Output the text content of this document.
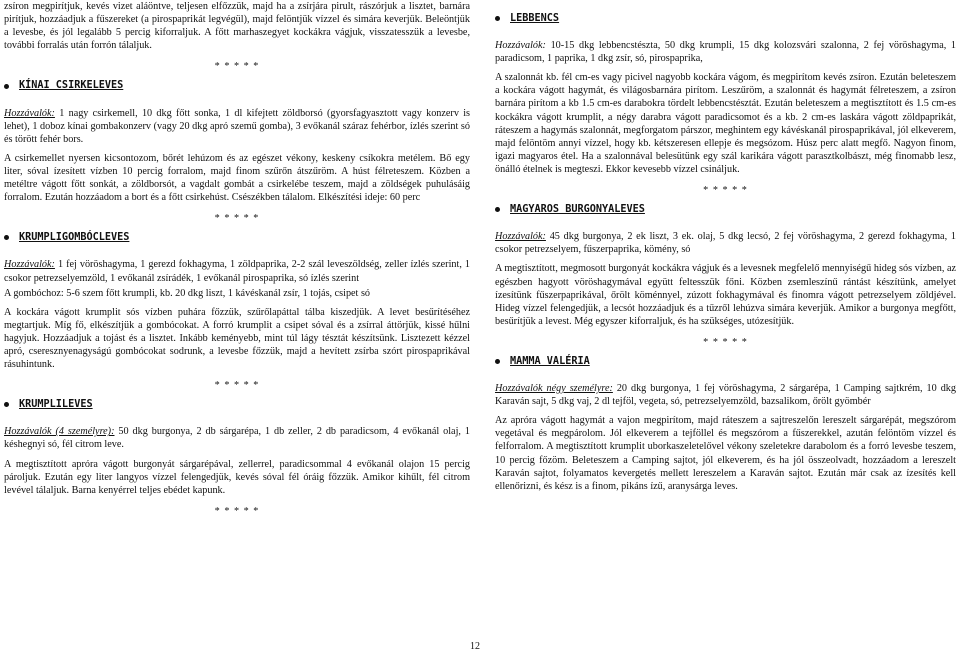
zsíron megpirítjuk, kevés vizet aláöntve, teljesen elfőzzük, majd ha a zsírjára pirult, rászórjuk a lisztet, barnára pirítjuk, hozzáadjuk a fűszereket (a pirospaprikát legvégül), majd felöntjük vízzel és simára keverjük. Beleöntjük a levesbe, és jól legalább 5 percig kiforraljuk. A főtt marhaszegyet kockákra vágjuk, visszatesszük a levesbe, további forralás után forrón tálaljuk.

* * * * *
KÍNAI CSIRKELEVES

Hozzávalók: 1 nagy csirkemell, 10 dkg főtt sonka, 1 dl kifejtett zöldborsó (gyorsfagyasztott vagy konzerv is lehet), 1 doboz kínai gombakonzerv (vagy 20 dkg apró szemű gomba), 3 evőkanál száraz fehérbor, ízlés szerint só és törött fehér bors.

A csirkemellet nyersen kicsontozom, bőrét lehúzom és az egészet vékony, keskeny csíkokra metélem. Bő egy liter, sóval ízesített vízben 10 percig forralom, majd finom szűrőn átszűröm. A húst félreteszem. Közben a metéltre vágott főtt sonkát, a zöldborsót, a vagdalt gombát a csirkelébe teszem, majd a zöldségek puhulásáig forralom. Ezután hozzáadom a bort és a főtt csirkehúst. Csészékben tálalom. Elkészítési ideje: 60 perc

* * * * *
KRUMPLIGOMBÓCLEVES

Hozzávalók: 1 fej vöröshagyma, 1 gerezd fokhagyma, 1 zöldpaprika, 2-2 szál leveszöldség, zeller ízlés szerint, 1 csokor petrezselyemzöld, 1 evőkanál zsírádék, 1 evőkanál pirospaprika, só ízlés szerint

A gombóchoz: 5-6 szem főtt krumpli, kb. 20 dkg liszt, 1 kávéskanál zsír, 1 tojás, csipet só

A kockára vágott krumplit sós vízben puhára főzzük, szűrőlapáttal tálba kiszedjük. A levet besűrítéséhez megtartjuk. Míg fő, elkészítjük a gombócokat. A forró krumplit a csipet sóval és a zsírral áttörjük, kissé hűlni hagyjuk. Hozzáadjuk a tojást és a lisztet. Inkább keményebb, mint túl lágy tésztát készítsünk. Lisztezett kézzel apró, cseresznyenagyságú gombócokat sodrunk, a levesbe főzzük, majd a hevített zsírba szórt pirospaprikával rásuhintunk.

* * * * *
KRUMPLILEVES

Hozzávalók (4 személyre): 50 dkg burgonya, 2 db sárgarépa, 1 db zeller, 2 db paradicsom, 4 evőkanál olaj, 1 késhegnyi só, fél citrom leve.

A megtisztított apróra vágott burgonyát sárgarépával, zellerrel, paradicsommal 4 evőkanál olajon 15 percig pároljuk. Ezután egy liter langyos vízzel felengedjük, kevés sóval fél óráig főzzük. Amikor kihűlt, fél citrom levével tálaljuk. Barna kenyérrel teljes ebédet kapunk.

* * * * *
LEBBENCS

Hozzávalók: 10-15 dkg lebbencstészta, 50 dkg krumpli, 15 dkg kolozsvári szalonna, 2 fej vöröshagyma, 1 paradicsom, 1 paprika, 1 dkg zsír, só, pirospaprika,

A szalonnát kb. fél cm-es vagy picivel nagyobb kockára vágom, és megpirítom kevés zsíron. Ezután beleteszem a kockára vágott hagymát, és világosbarnára pirítom. Leszűröm, a szalonnát és hagymát félreteszem, a zsíron barnára pirítom a kb 1.5 cm-es darabokra tördelt lebbencstésztát. Ezután beleteszem a megtisztított és 1.5 cm-es kockákra vágott krumplit, a négy darabra vágott paradicsomot és a kb. 2 cm-es laskára vágott zöldpaprikát, ráteszem a hagymás szalonnát, megforgatom párszor, meghintem egy kávéskanál pirospaprikával, jól elkeverem, majd felöntöm annyi vízzel, hogy kb. kétszeresen ellepje és megsózom. Húsz perc alatt megfő. Nagyon finom, igazi magyaros étel. Ha a szalonnával belesütünk egy szál karikára vágott parasztkolbászt, még finomabb lesz, önálló ételnek is megteszi. Ekkor kevesebb vízzel csináljuk.

* * * * *
MAGYAROS BURGONYALEVES

Hozzávalók: 45 dkg burgonya, 2 ek liszt, 3 ek. olaj, 5 dkg lecsó, 2 fej vöröshagyma, 2 gerezd fokhagyma, 1 csokor petrezselyem, fűszerpaprika, kömény, só

A megtisztított, megmosott burgonyát kockákra vágjuk és a levesnek megfelelő mennyiségű hideg sós vízben, az egészben hagyott vöröshagymával együtt feltesszük főni. Közben zsemleszínű rántást készítünk, amelyet ízesítünk fűszerpaprikával, őrölt köménnyel, zúzott fokhagymával és finomra vágott petrezselyem zöldjével. Hideg vízzel felengedjük, a lecsót hozzáadjuk és a tűzről lehúzva simára keverjük. Amikor a burgonya megfőtt, besűrítjük a levest. Még egyszer kiforraljuk, és ha szükséges, utózesítjük.

* * * * *
MAMMA VALÉRIA

Hozzávalók négy személyre: 20 dkg burgonya, 1 fej vöröshagyma, 2 sárgarépa, 1 Camping sajtkrém, 10 dkg Karaván sajt, 5 dkg vaj, 2 dl tejföl, vegeta, só, petrezselyemzöld, bazsalikom, őrölt gyömbér

Az apróra vágott hagymát a vajon megpirítom, majd ráteszem a sajtreszelőn lereszelt sárgarépát, megszórom vegetával és megpárolom. Jól elkeverem a tejföllel és megszórom a fűszerekkel, azután felöntöm vízzel és felforralom. A megtisztított krumplit uborkaszeletelővel vékony szeletekre darabolom és a forró levesbe teszem, 10 percig főzöm. Beleteszem a Camping sajtot, jól elkeverem, és ha jól összeolvadt, hozzáadom a lereszelt Karaván sajtot, folyamatos kevergetés mellett lereszelem a Karaván sajtot. Ezután már csak az ízesítés kell ellenőrizni, és kész is a finom, pikáns ízű, aranysárga leves.

12
